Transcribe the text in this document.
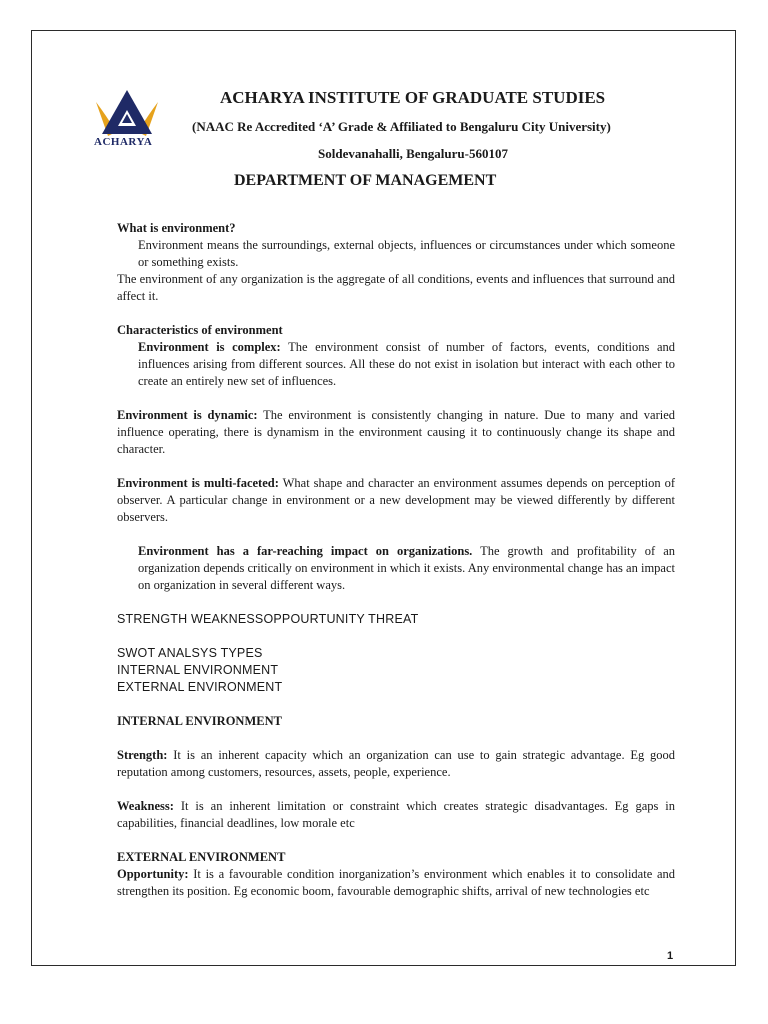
ACHARYA
ACHARYA INSTITUTE OF GRADUATE STUDIES
(NAAC Re Accredited ‘A’ Grade & Affiliated to Bengaluru City University)
Soldevanahalli, Bengaluru-560107
DEPARTMENT OF MANAGEMENT

What is environment?

Environment means the surroundings, external objects, influences or circumstances under which someone or something exists.

The environment of any organization is the aggregate of all conditions, events and influences that surround and affect it.

Characteristics of environment

Environment is complex: The environment consist of number of factors, events, conditions and influences arising from different sources. All these do not exist in isolation but interact with each other to create an entirely new set of influences.

Environment is dynamic: The environment is consistently changing in nature. Due to many and varied influence operating, there is dynamism in the environment causing it to continuously change its shape and character.

Environment is multi-faceted: What shape and character an environment assumes depends on perception of observer. A particular change in environment or a new development may be viewed differently by different observers.

Environment has a far-reaching impact on organizations. The growth and profitability of an organization depends critically on environment in which it exists. Any environmental change has an impact on organization in several different ways.

STRENGTH WEAKNESSOPPOURTUNITY THREAT

SWOT ANALSYS TYPES

INTERNAL ENVIRONMENT

EXTERNAL ENVIRONMENT

INTERNAL ENVIRONMENT

Strength: It is an inherent capacity which an organization can use to gain strategic advantage. Eg good reputation among customers, resources, assets, people, experience.

Weakness: It is an inherent limitation or constraint which creates strategic disadvantages. Eg gaps in capabilities, financial deadlines, low morale etc

EXTERNAL ENVIRONMENT

Opportunity: It is a favourable condition inorganization’s environment which enables it to consolidate and strengthen its position. Eg economic boom, favourable demographic shifts, arrival of new technologies etc

1
